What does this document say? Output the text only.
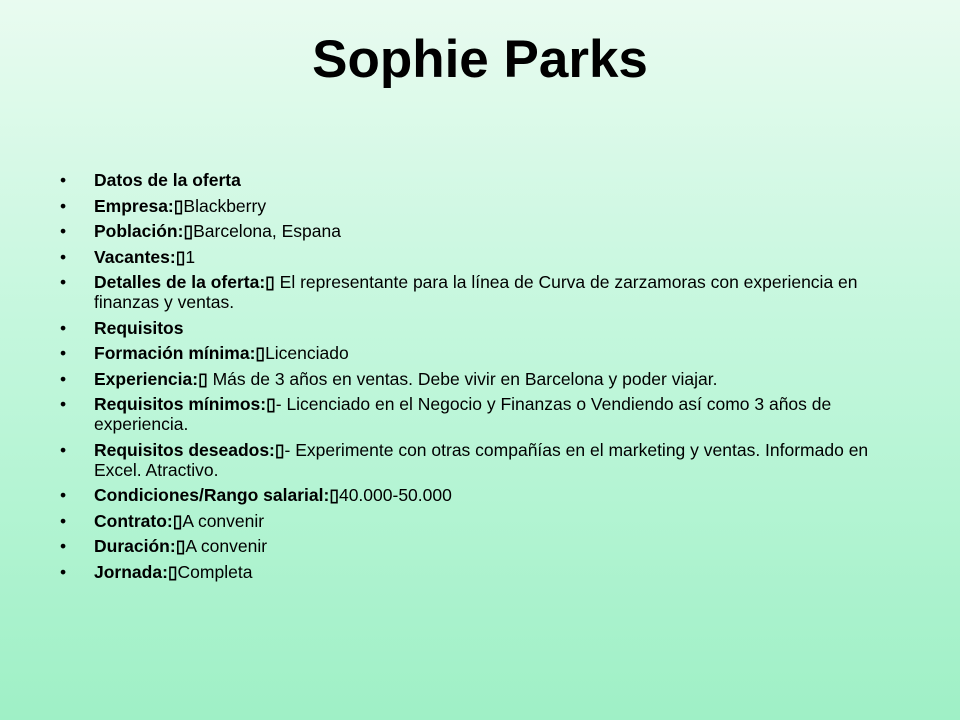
Sophie Parks
• Datos de la oferta
• Empresa:▯Blackberry
• Población:▯Barcelona, Espana
• Vacantes:▯1
• Detalles de la oferta:▯ El representante para la línea de Curva de zarzamoras con experiencia en finanzas y ventas.
• Requisitos
• Formación mínima:▯Licenciado
• Experiencia:▯ Más de 3 años en ventas. Debe vivir en Barcelona y poder viajar.
• Requisitos mínimos:▯- Licenciado en el Negocio y Finanzas o Vendiendo así como 3 años de experiencia.
• Requisitos deseados:▯- Experimente con otras compañías en el marketing y ventas. Informado en Excel. Atractivo.
• Condiciones/Rango salarial:▯40.000-50.000
• Contrato:▯A convenir
• Duración:▯A convenir
• Jornada:▯Completa
